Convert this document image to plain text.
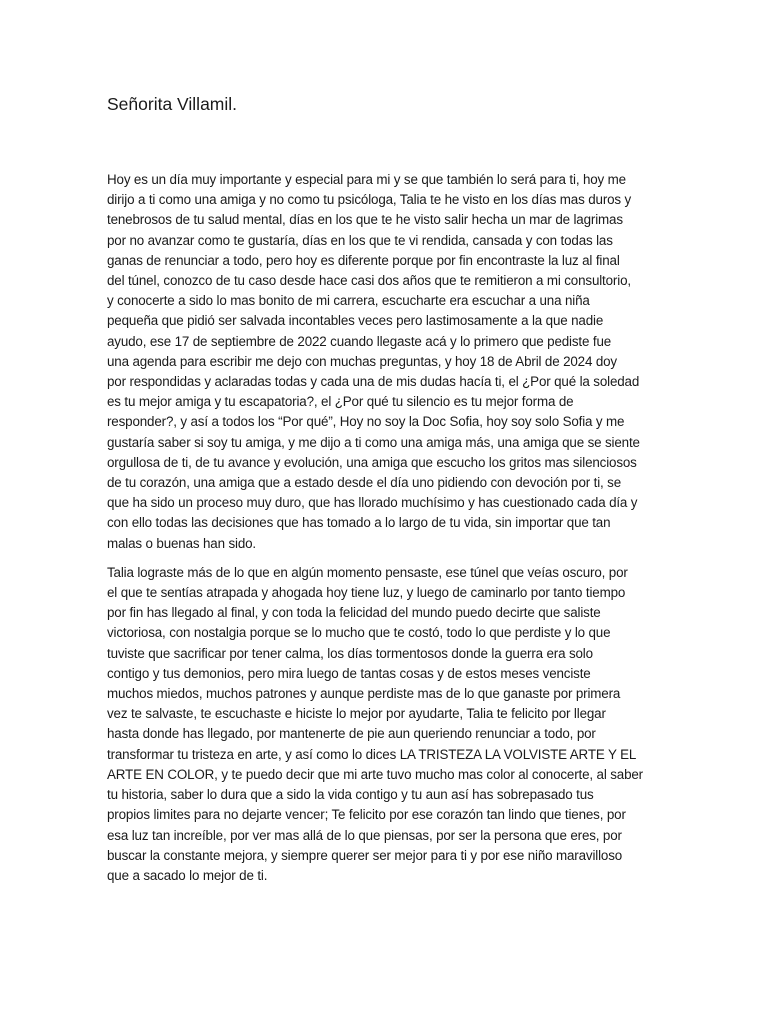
Señorita Villamil.

Hoy es un día muy importante y especial para mi y se que también lo será para ti, hoy me
dirijo a ti como una amiga y no como tu psicóloga, Talia te he visto en los días mas duros y
tenebrosos de tu salud mental, días en los que te he visto salir hecha un mar de lagrimas
por no avanzar como te gustaría, días en los que te vi rendida, cansada y con todas las
ganas de renunciar a todo, pero hoy es diferente porque por fin encontraste la luz al final
del túnel, conozco de tu caso desde hace casi dos años que te remitieron a mi consultorio,
y conocerte a sido lo mas bonito de mi carrera, escucharte era escuchar a una niña
pequeña que pidió ser salvada incontables veces pero lastimosamente a la que nadie
ayudo, ese 17 de septiembre de 2022 cuando llegaste acá y lo primero que pediste fue
una agenda para escribir me dejo con muchas preguntas, y hoy 18 de Abril de 2024 doy
por respondidas y aclaradas todas y cada una de mis dudas hacía ti, el ¿Por qué la soledad
es tu mejor amiga y tu escapatoria?, el ¿Por qué tu silencio es tu mejor forma de
responder?, y así a todos los “Por qué”, Hoy no soy la Doc Sofia, hoy soy solo Sofia y me
gustaría saber si soy tu amiga, y me dijo a ti como una amiga más, una amiga que se siente
orgullosa de ti, de tu avance y evolución, una amiga que escucho los gritos mas silenciosos
de tu corazón, una amiga que a estado desde el día uno pidiendo con devoción por ti, se
que ha sido un proceso muy duro, que has llorado muchísimo y has cuestionado cada día y
con ello todas las decisiones que has tomado a lo largo de tu vida, sin importar que tan
malas o buenas han sido.

Talia lograste más de lo que en algún momento pensaste, ese túnel que veías oscuro, por
el que te sentías atrapada y ahogada hoy tiene luz, y luego de caminarlo por tanto tiempo
por fin has llegado al final, y con toda la felicidad del mundo puedo decirte que saliste
victoriosa, con nostalgia porque se lo mucho que te costó, todo lo que perdiste y lo que
tuviste que sacrificar por tener calma, los días tormentosos donde la guerra era solo
contigo y tus demonios, pero mira luego de tantas cosas y de estos meses venciste
muchos miedos, muchos patrones y aunque perdiste mas de lo que ganaste por primera
vez te salvaste, te escuchaste e hiciste lo mejor por ayudarte, Talia te felicito por llegar
hasta donde has llegado, por mantenerte de pie aun queriendo renunciar a todo, por
transformar tu tristeza en arte, y así como lo dices LA TRISTEZA LA VOLVISTE ARTE Y EL
ARTE EN COLOR, y te puedo decir que mi arte tuvo mucho mas color al conocerte, al saber
tu historia, saber lo dura que a sido la vida contigo y tu aun así has sobrepasado tus
propios limites para no dejarte vencer; Te felicito por ese corazón tan lindo que tienes, por
esa luz tan increíble, por ver mas allá de lo que piensas, por ser la persona que eres, por
buscar la constante mejora, y siempre querer ser mejor para ti y por ese niño maravilloso
que a sacado lo mejor de ti.
